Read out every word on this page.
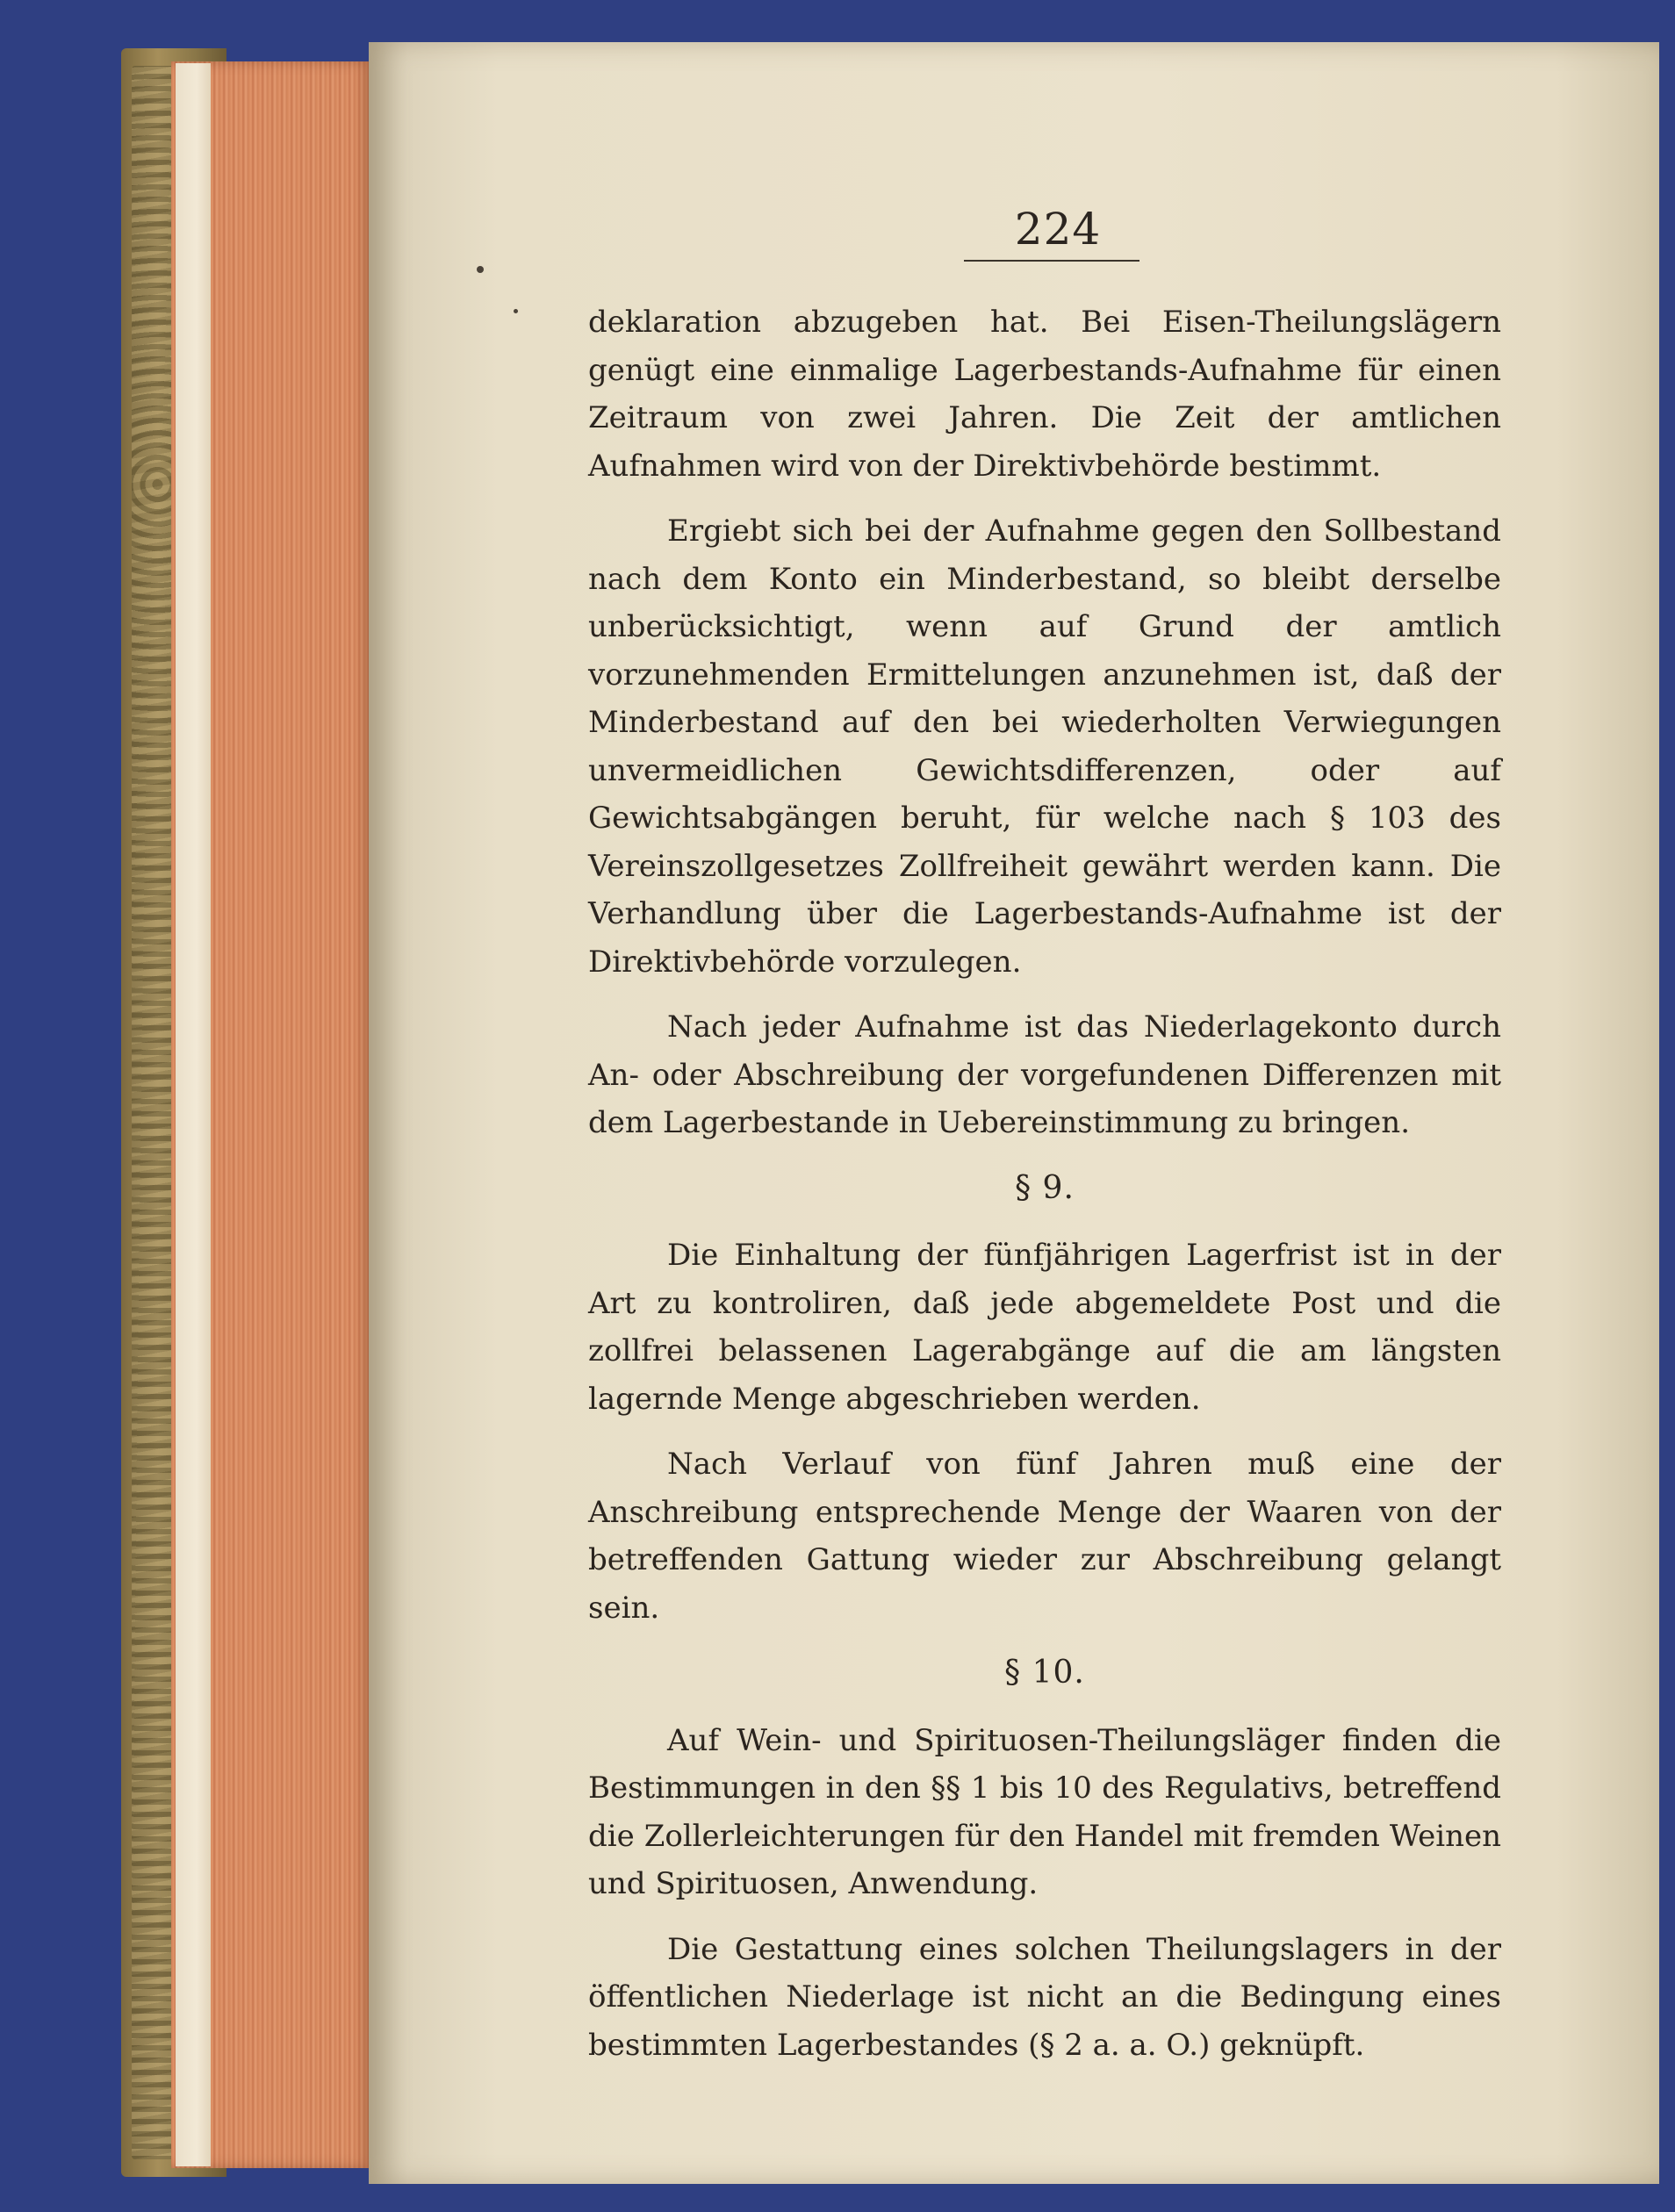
224

deklaration abzugeben hat. Bei Eisen-Theilungslägern genügt eine einmalige Lagerbestands-Aufnahme für einen Zeitraum von zwei Jahren. Die Zeit der amtlichen Aufnahmen wird von der Direktivbehörde bestimmt.

Ergiebt sich bei der Aufnahme gegen den Sollbestand nach dem Konto ein Minderbestand, so bleibt derselbe unberücksichtigt, wenn auf Grund der amtlich vorzunehmenden Ermittelungen anzunehmen ist, daß der Minderbestand auf den bei wiederholten Verwiegungen unvermeidlichen Gewichtsdifferenzen, oder auf Gewichtsabgängen beruht, für welche nach § 103 des Vereinszollgesetzes Zollfreiheit gewährt werden kann. Die Verhandlung über die Lagerbestands-Aufnahme ist der Direktivbehörde vorzulegen.

Nach jeder Aufnahme ist das Niederlagekonto durch An- oder Abschreibung der vorgefundenen Differenzen mit dem Lagerbestande in Uebereinstimmung zu bringen.

§ 9.

Die Einhaltung der fünfjährigen Lagerfrist ist in der Art zu kontroliren, daß jede abgemeldete Post und die zollfrei belassenen Lagerabgänge auf die am längsten lagernde Menge abgeschrieben werden.

Nach Verlauf von fünf Jahren muß eine der Anschreibung entsprechende Menge der Waaren von der betreffenden Gattung wieder zur Abschreibung gelangt sein.

§ 10.

Auf Wein- und Spirituosen-Theilungsläger finden die Bestimmungen in den §§ 1 bis 10 des Regulativs, betreffend die Zollerleichterungen für den Handel mit fremden Weinen und Spirituosen, Anwendung.

Die Gestattung eines solchen Theilungslagers in der öffentlichen Niederlage ist nicht an die Bedingung eines bestimmten Lagerbestandes (§ 2 a. a. O.) geknüpft.
